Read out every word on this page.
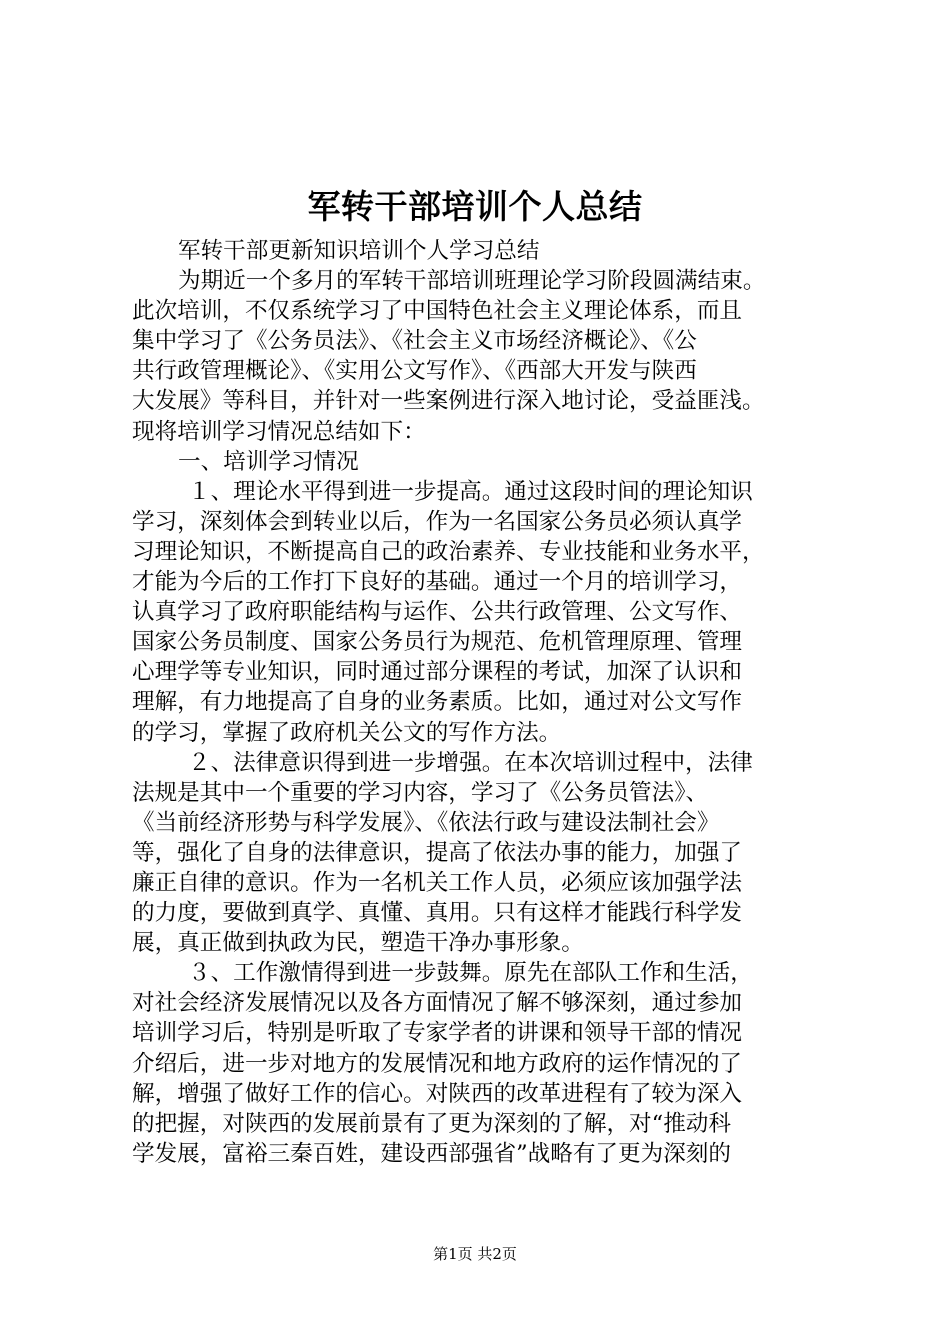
军转干部培训个人总结
军转干部更新知识培训个人学习总结
为期近一个多月的军转干部培训班理论学习阶段圆满结束。
此次培训，不仅系统学习了中国特色社会主义理论体系，而且
集中学习了《公务员法》、《社会主义市场经济概论》、《公
共行政管理概论》、《实用公文写作》、《西部大开发与陕西
大发展》等科目，并针对一些案例进行深入地讨论，受益匪浅。
现将培训学习情况总结如下：
一、培训学习情况
１、理论水平得到进一步提高。通过这段时间的理论知识
学习，深刻体会到转业以后，作为一名国家公务员必须认真学
习理论知识，不断提高自己的政治素养、专业技能和业务水平，
才能为今后的工作打下良好的基础。通过一个月的培训学习，
认真学习了政府职能结构与运作、公共行政管理、公文写作、
国家公务员制度、国家公务员行为规范、危机管理原理、管理
心理学等专业知识，同时通过部分课程的考试，加深了认识和
理解，有力地提高了自身的业务素质。比如，通过对公文写作
的学习，掌握了政府机关公文的写作方法。
２、法律意识得到进一步增强。在本次培训过程中，法律
法规是其中一个重要的学习内容，学习了《公务员管法》、
《当前经济形势与科学发展》、《依法行政与建设法制社会》
等，强化了自身的法律意识，提高了依法办事的能力，加强了
廉正自律的意识。作为一名机关工作人员，必须应该加强学法
的力度，要做到真学、真懂、真用。只有这样才能践行科学发
展，真正做到执政为民，塑造干净办事形象。
３、工作激情得到进一步鼓舞。原先在部队工作和生活，
对社会经济发展情况以及各方面情况了解不够深刻，通过参加
培训学习后，特别是听取了专家学者的讲课和领导干部的情况
介绍后，进一步对地方的发展情况和地方政府的运作情况的了
解，增强了做好工作的信心。对陕西的改革进程有了较为深入
的把握，对陕西的发展前景有了更为深刻的了解，对“推动科
学发展，富裕三秦百姓，建设西部强省”战略有了更为深刻的
第1页 共2页
